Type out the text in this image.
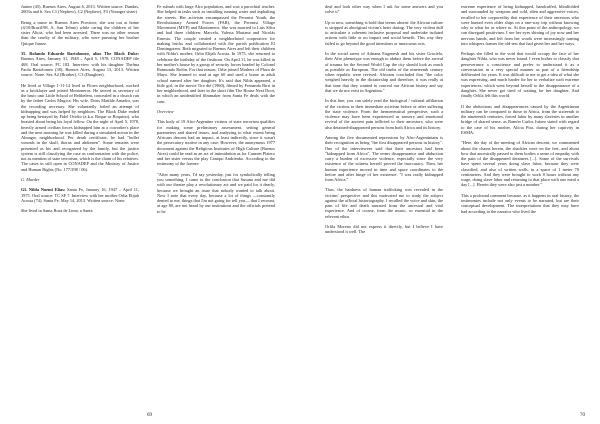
Juárez (45), Buenos Aires, August 6, 2013. Written source. Dundas, 2003a and b. Sex C1 (Nephew), C2 (Nephew), F3 (Younger sister)

Being a nurse in Buenos Aires Province, she was out at home (4/10/Brazil/98, A. San Telmo) while caring the children of her sister Alicia, who had been arrested. There was no other reason than the cruelty of the military, who were pursuing her brother Quique Juarez.

35. Rolando Eduardo Bartolomeo, alias The Black Duke: Buenos Aires, January 31, 1948 – April 5, 1978. CONADEP file 468. Oral source: FC 182. Interview with his daughter Thelma Paola Bartolomeo (38), Buenos Aires, August 13, 2013. Written source: None. Sex A2 (Brother), C3 (Daughter).

He lived at Village 1-11-14 lived in Flores neighborhood, worked as a bricklayer and joined Montoneros. He served as secretary of the basic unit Little School of Belthelem, concealed in a church run by the father Carlos Mugica. His wife, Doris Matilde Amador, was the recording secretary. She voluntarily foiled an attempt of kidnapping and was helped by neighbors. The Black Duke ended up being betrayed by Fidel Ovidio (a.k.a. Roque or Roquino), who boasted about being his loyal fellow. On the night of April 5, 1978, heavily armed civilian forces kidnapped him at a coworker's place and the next morning he was killed during a simulated action in the Almagro neighborhood. Per death certificate, he had "bullet wounds in the skull, thorax and abdomen". Some remains were presented as his and recognized by the family, but the justice system is still classifying the case as confrontation with the police, not as mention of state terrorism, which is the claim of his relatives. The cases in still open in CONADEP and the Ministry of Justice and Human Rights (No. 177/298 / 06).

G. Murder

GL Nilda Noemí Elías: Santa Fe, January 16, 1947 – April 11, 1975. Oral source: TC SF 7. Interview with her mother Orlia Elijah Acosta (74), Santa Fe, May 14, 2013. Written source: None.

She lived in Santa Rosa de Lima, a Santa

Fe suburb with large Afro population, and was a parochial teacher. She helped in tasks such as installing running water and asphalting the streets. Her activism encompassed the Peronist Youth, the Revolutionary Armed Forces (FAR), the Peronist Village Movement (MVP) and Montoneros. She was married to Luis Silva and had three children: Marcela, Valeria Mariana and Nicolás Ernesto. The couple created a neighborhood cooperative for making bricks and collaborated with the parish publication El Domingotero. Both migrated to Buenos Aires and left their children with Nilda's mother, Orlia Elijah Acosta. In 1975, she returned to celebrate the birthday of the firstborn. On April 11, he was killed in her mother's house by a group of security forces headed by Colonel Raimundo Rolón. For that reason, Orlia joined Mothers of Plaza de Mayo. She learned to read at age 60 and used a home as adult school named after her daughter. It's said that Nilda appeared, a little girl, in the movie Tire dié (1960), filmed by Fernando Birri in her neighborhood, and later in the short film The House Next Door, in which an unidentified filmmaker from Santa Fe deals with the case.

Overview

This body of 19 Afro-Argentine victims of state terrorism qualifies for making some preliminary assessment, setting general parameters and shared issues, and analyzing to what extent being Africans descent had an impact, at least indirectly, since it wasn't the persecutory motive in any case. However, the anonymous 1977 document against the Religious Institutes of High Culture (Buenos Aires) could be read as an act of intimidation as for Carmen Platero and her sister versus the play Caniqui Andrienko. According to the testimony of the former:

"After many years, I'd say yesterday, just for symbolically telling you something, I came to the conclusion that Susana and me did with our theatre play a revolutionary act and we paid for it dearly, because we brought an issue that nobody wanted to talk about. Now I note that every day, because a lot of things —constantly denied to me, things that I'm not going for tell you— that I recount, at age 80, are not heard by our institutions and the officials pretend to be

69

deaf and look other way when I ask for some answers and you solve it"

Up to now, something is bold that seems absent: the African culture is stripped as aboriginal victim's heirs during. The very violent dull to articulate a coherent inclusive proposal and undertake isolated actions with little or no impact and social benefit. This way they failed to go beyond the good intentions or innocuous acts.

In the social arrest of Adriana Eugenesh and his sister Graciela, their Afro phenotype was enough to abduct them before the arrival of trauma for the Second World Cup the city should look as much as possible as European. The old truths of the nineteenth century when republic were revived: Africans concluded that "the color weighed heavily in the dictatorship and therefore, it was really at that time that they wanted to conceal our African history and say that we do not exist in Argentina."

In this line, you can safely read the biological / cultural affiliation of the victims to their immediate activism before or after suffering the state violence. From the hermeneutical perspective, such a violence may have been experienced as sensory and emotional revival of the ancient pain inflicted to their ancestors, who were also detained-disappeared persons from both Africa and its history.

Among the five documented repressions by Afro-Argentinians is their recognition as being "the first disappeared persons in history". One of the interviewees said that their ancestors had been "kidnapped from Africa". The terms disappearance and abduction carry a burden of excessive violence, especially since the very existence of the witness herself proved the inaccuracy. Then, her human experience moved in time and space coordinates to the before and after hinge of her existence. "I was really kidnapped from Africa."

Thus, the hardness of human trafficking was revealed in the victims' perspective and this motivated me to study the subject against the official historiography. I recalled the voice and skin, the pain of life and death narrated from the ancestral and vital experience. And of course, from the music, so essential in the relevant ethos.

Orlila Moreno did not express it directly, but I believe I have understood it well. The

extreme experience of being kidnapped, handcuffed, blindfolded and surrounded by weapons and cold, alien and aggressive voices, recalled to her corporeality that experience of their ancestors who were hunted even older ships on a one-way trip without knowing why or what for or where to. At this point of the anthropology, we can disregard positivism. I see her eyes shining of joy now and her nervous hands, and left from her words were increasingly turning into whispers frames the old-test that had given her and her ways.

Perhaps she filled in the void that would occupy the face of her daughter Nilda, who was never found. I even bother to classify that perseverance a conscience and prefer to understand it as a conversation in a very special manner as part of a friendship deliberated for years. It was difficult to me to get a idea of what she was expressing, and much harder for her to verbalize such extreme experiences, which went beyond herself to the disappearance of a daughter. She never got tired of waiting for her daughter. And finally Orlila left this world.

If the abductions and disappearances caused by the Argentinean military can be compared to those in Africa, from the sixteenth to the nineteenth centuries, forced labor by many slaveries in another bridge of shared sense, as Ramón Carlos Juárez stated with regard to the case of his mother, Alicia Pira, during her captivity in ESMA:

"Here, the day of the meeting of African descent, we commented about the chains herein, the shackles were on the feet, and about how that ancestrally passed to them bodies a sense of empathy with the pain of the disappeared detainees [...]. Some of the survivals have spent several years doing slave labor, because they were classified, and also of written walls, in a space of 1 meter 70 centimeters. And they were brought to work 8 hours without any wage, doing slave labor and returning to that place with one meal a day [...]. Herein they were also just a number."

This a profound comment because, as it happens in oral history, the testimonies include not only events to be narrated, but are their conceptual development. The interpretations that they may have had according to the narrator who lived the

70
